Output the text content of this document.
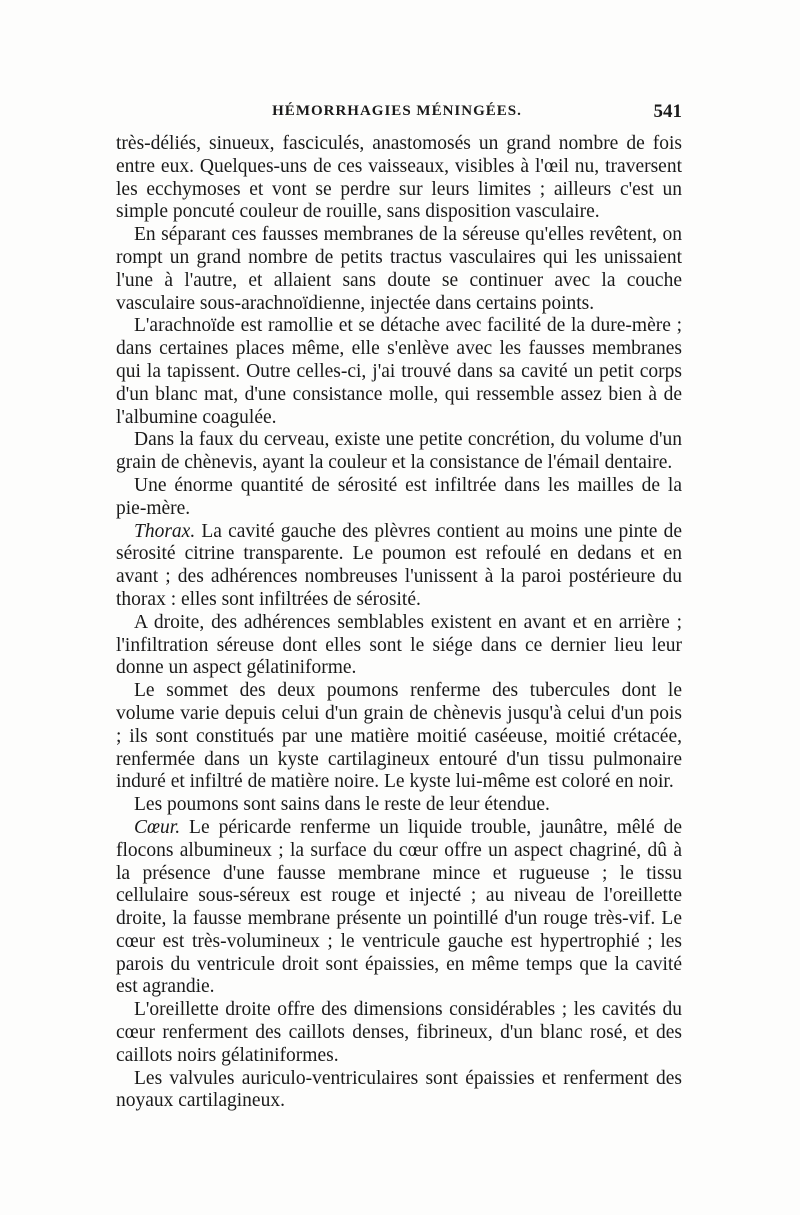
HÉMORRHAGIES MÉNINGÉES.	541

très-déliés, sinueux, fasciculés, anastomosés un grand nombre de fois entre eux. Quelques-uns de ces vaisseaux, visibles à l'œil nu, traversent les ecchymoses et vont se perdre sur leurs limites ; ailleurs c'est un simple poncuté couleur de rouille, sans disposition vasculaire.

En séparant ces fausses membranes de la séreuse qu'elles revêtent, on rompt un grand nombre de petits tractus vasculaires qui les unissaient l'une à l'autre, et allaient sans doute se continuer avec la couche vasculaire sous-arachnoïdienne, injectée dans certains points.

L'arachnoïde est ramollie et se détache avec facilité de la dure-mère ; dans certaines places même, elle s'enlève avec les fausses membranes qui la tapissent. Outre celles-ci, j'ai trouvé dans sa cavité un petit corps d'un blanc mat, d'une consistance molle, qui ressemble assez bien à de l'albumine coagulée.

Dans la faux du cerveau, existe une petite concrétion, du volume d'un grain de chènevis, ayant la couleur et la consistance de l'émail dentaire.

Une énorme quantité de sérosité est infiltrée dans les mailles de la pie-mère.

Thorax. La cavité gauche des plèvres contient au moins une pinte de sérosité citrine transparente. Le poumon est refoulé en dedans et en avant ; des adhérences nombreuses l'unissent à la paroi postérieure du thorax : elles sont infiltrées de sérosité.

A droite, des adhérences semblables existent en avant et en arrière ; l'infiltration séreuse dont elles sont le siége dans ce dernier lieu leur donne un aspect gélatiniforme.

Le sommet des deux poumons renferme des tubercules dont le volume varie depuis celui d'un grain de chènevis jusqu'à celui d'un pois ; ils sont constitués par une matière moitié caséeuse, moitié crétacée, renfermée dans un kyste cartilagineux entouré d'un tissu pulmonaire induré et infiltré de matière noire. Le kyste lui-même est coloré en noir.

Les poumons sont sains dans le reste de leur étendue.

Cœur. Le péricarde renferme un liquide trouble, jaunâtre, mêlé de flocons albumineux ; la surface du cœur offre un aspect chagriné, dû à la présence d'une fausse membrane mince et rugueuse ; le tissu cellulaire sous-séreux est rouge et injecté ; au niveau de l'oreillette droite, la fausse membrane présente un pointillé d'un rouge très-vif. Le cœur est très-volumineux ; le ventricule gauche est hypertrophié ; les parois du ventricule droit sont épaissies, en même temps que la cavité est agrandie.

L'oreillette droite offre des dimensions considérables ; les cavités du cœur renferment des caillots denses, fibrineux, d'un blanc rosé, et des caillots noirs gélatiniformes.

Les valvules auriculo-ventriculaires sont épaissies et renferment des noyaux cartilagineux.
